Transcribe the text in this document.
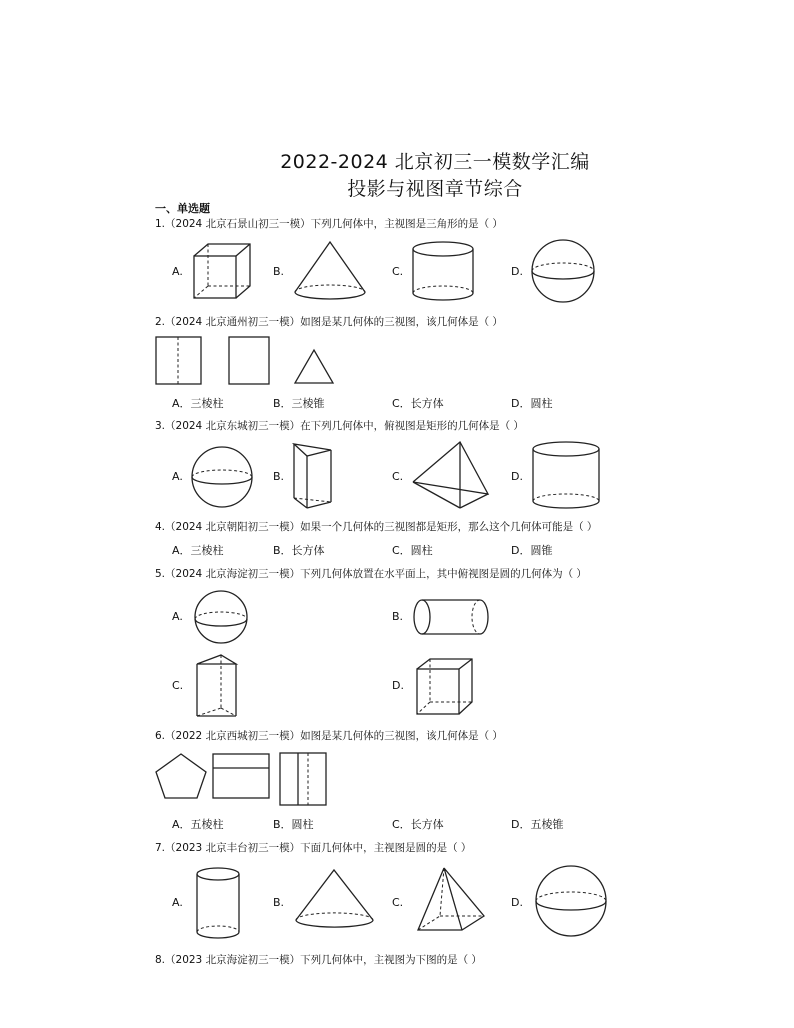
2022-2024 北京初三一模数学汇编
投影与视图章节综合
一、单选题
1.（2024 北京石景山初三一模）下列几何体中，主视图是三角形的是（ ）
A.	B.	C.	D.
2.（2024 北京通州初三一模）如图是某几何体的三视图，该几何体是（ ）
A．三棱柱	B．三棱锥	C．长方体	D．圆柱
3.（2024 北京东城初三一模）在下列几何体中，俯视图是矩形的几何体是（ ）
A.	B.	C.	D.
4.（2024 北京朝阳初三一模）如果一个几何体的三视图都是矩形，那么这个几何体可能是（ ）
A．三棱柱	B．长方体	C．圆柱	D．圆锥
5.（2024 北京海淀初三一模）下列几何体放置在水平面上，其中俯视图是圆的几何体为（ ）
A.	B.
C.	D.
6.（2022 北京西城初三一模）如图是某几何体的三视图，该几何体是（ ）
A．五棱柱	B．圆柱	C．长方体	D．五棱锥
7.（2023 北京丰台初三一模）下面几何体中，主视图是圆的是（ ）
A.	B.	C.	D.
8.（2023 北京海淀初三一模）下列几何体中，主视图为下图的是（ ）
